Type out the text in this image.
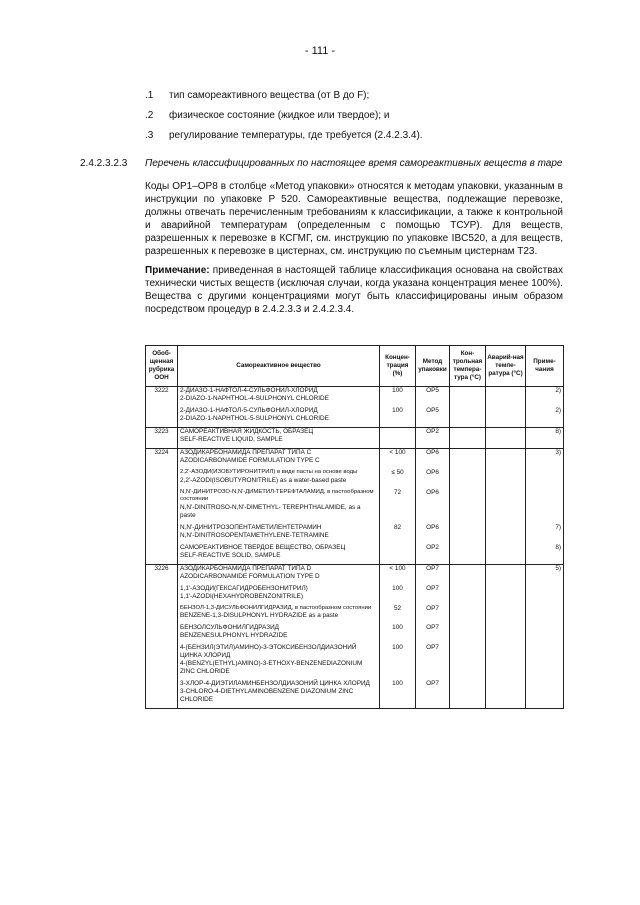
- 111 -
.1 тип самореактивного вещества (от B до F);
.2 физическое состояние (жидкое или твердое); и
.3 регулирование температуры, где требуется (2.4.2.3.4).
2.4.2.3.2.3 Перечень классифицированных по настоящее время самореактивных веществ в таре
Коды OP1–OP8 в столбце «Метод упаковки» относятся к методам упаковки, указанным в инструкции по упаковке P 520. Самореактивные вещества, подлежащие перевозке, должны отвечать перечисленным требованиям к классификации, а также к контрольной и аварийной температурам (определенным с помощью ТСУР). Для веществ, разрешенных к перевозке в КСГМГ, см. инструкцию по упаковке IBC520, а для веществ, разрешенных к перевозке в цистернах, см. инструкцию по съемным цистернам T23.
Примечание: приведенная в настоящей таблице классификация основана на свойствах технически чистых веществ (исключая случаи, когда указана концентрация менее 100%). Вещества с другими концентрациями могут быть классифицированы иным образом посредством процедур в 2.4.2.3.3 и 2.4.2.3.4.
Обоб-щенная рубрика ООН	Самореактивное вещество	Концен-трация (%)	Метод упаковки	Кон-трольная темпера-тура (°C)	Аварий-ная темпе-ратура (°C)	Приме-чания
3222	2-ДИАЗО-1-НАФТОЛ-4-СУЛЬФОНИЛ-ХЛОРИД
2-DIAZO-1-NAPHTHOL-4-SULPHONYL CHLORIDE	100	OP5			2)

	2-ДИАЗО-1-НАФТОЛ-5-СУЛЬФОНИЛ-ХЛОРИД
2-DIAZO-1-NAPHTHOL-5-SULPHONYL CHLORIDE	100	OP5			2)
3223	САМОРЕАКТИВНАЯ ЖИДКОСТЬ, ОБРАЗЕЦ
SELF-REACTIVE LIQUID, SAMPLE		OP2			8)
3224	АЗОДИКАРБОНАМИДА ПРЕПАРАТ ТИПА С
AZODICARBONAMIDE FORMULATION TYPE C	< 100	OP6			3)

	2,2'-АЗОДИ(ИЗОБУТИРОНИТРИЛ) в виде пасты на основе воды
2,2'-AZODI(ISOBUTYRONITRILE) as a water-based paste	≤ 50	OP6			

	N,N'-ДИНИТРОЗО-N,N'-ДИМЕТИЛ-ТЕРЕФТАЛАМИД, в пастообразном состоянии
N,N'-DINITROSO-N,N'-DIMETHYL- TEREPHTHALAMIDE, as a paste	72	OP6			

	N,N'-ДИНИТРОЗОПЕНТАМЕТИЛЕНТЕТРАМИН
N,N'-DINITROSOPENTAMETHYLENE-TETRAMINE	82	OP6			7)

	САМОРЕАКТИВНОЕ ТВЕРДОЕ ВЕЩЕСТВО, ОБРАЗЕЦ
SELF-REACTIVE SOLID, SAMPLE		OP2			8)
3226	АЗОДИКАРБОНАМИДА ПРЕПАРАТ ТИПА D
AZODICARBONAMIDE FORMULATION TYPE D	< 100	OP7			5)

	1,1'-АЗОДИ(ГЕКСАГИДРОБЕНЗОНИТРИЛ)
1,1'-AZODI(HEXAHYDROBENZONITRILE)	100	OP7			

	БЕНЗОЛ-1,3-ДИСУЛЬФОНИЛГИДРАЗИД, в пастообразном состоянии
BENZENE-1,3-DISULPHONYL HYDRAZIDE as a paste	52	OP7			

	БЕНЗОЛСУЛЬФОНИЛГИДРАЗИД
BENZENESULPHONYL HYDRAZIDE	100	OP7			

	4-(БЕНЗИЛ(ЭТИЛ)АМИНО)-3-ЭТОКСИБЕНЗОЛДИАЗОНИЙ ЦИНКА ХЛОРИД
4-(BENZYL(ETHYL)AMINO)-3-ETHOXY-BENZENEDIAZONIUM ZINC CHLORIDE	100	OP7			

	3-ХЛОР-4-ДИЭТИЛАМИНБЕНЗОЛДИАЗОНИЙ ЦИНКА ХЛОРИД
3-CHLORO-4-DIETHYLAMINOBENZENE DIAZONIUM ZINC CHLORIDE	100	OP7			
